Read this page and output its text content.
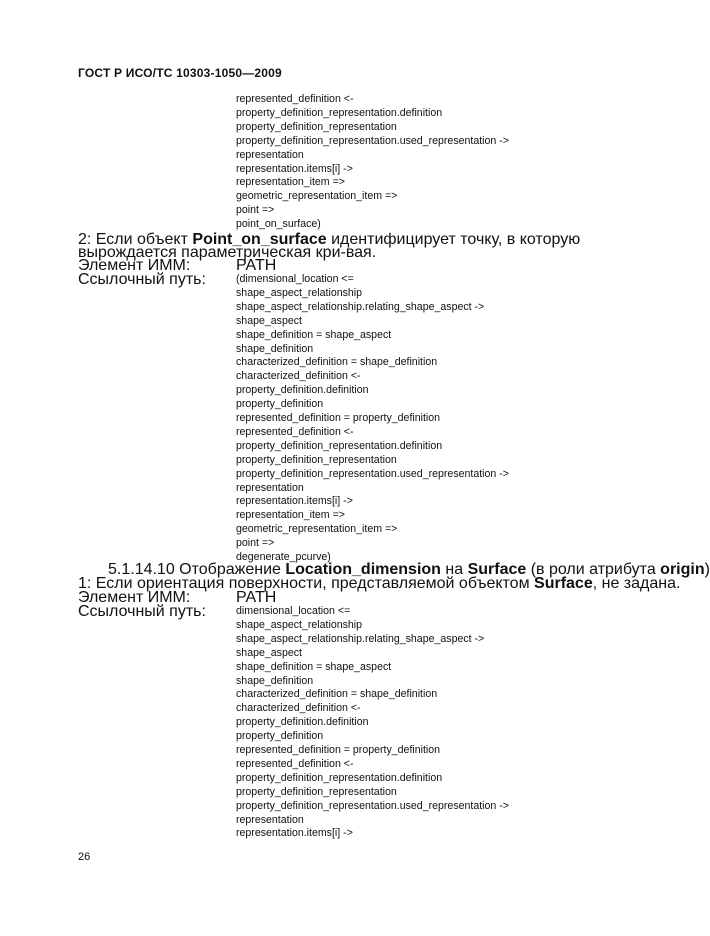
ГОСТ Р ИСО/ТС 10303-1050—2009
represented_definition <-
property_definition_representation.definition
property_definition_representation
property_definition_representation.used_representation ->
representation
representation.items[i] ->
representation_item =>
geometric_representation_item =>
point =>
point_on_surface)
2: Если объект Point_on_surface идентифицирует точку, в которую вырождается параметрическая кри-вая.
Элемент ИММ:	PATH
Ссылочный путь:	(dimensional_location <=
shape_aspect_relationship
shape_aspect_relationship.relating_shape_aspect ->
shape_aspect
shape_definition = shape_aspect
shape_definition
characterized_definition = shape_definition
characterized_definition <-
property_definition.definition
property_definition
represented_definition = property_definition
represented_definition <-
property_definition_representation.definition
property_definition_representation
property_definition_representation.used_representation ->
representation
representation.items[i] ->
representation_item =>
geometric_representation_item =>
point =>
degenerate_pcurve)
5.1.14.10 Отображение Location_dimension на Surface (в роли атрибута origin)
1: Если ориентация поверхности, представляемой объектом Surface, не задана.
Элемент ИММ:	PATH
Ссылочный путь:	dimensional_location <=
shape_aspect_relationship
shape_aspect_relationship.relating_shape_aspect ->
shape_aspect
shape_definition = shape_aspect
shape_definition
characterized_definition = shape_definition
characterized_definition <-
property_definition.definition
property_definition
represented_definition = property_definition
represented_definition <-
property_definition_representation.definition
property_definition_representation
property_definition_representation.used_representation ->
representation
representation.items[i] ->
26
